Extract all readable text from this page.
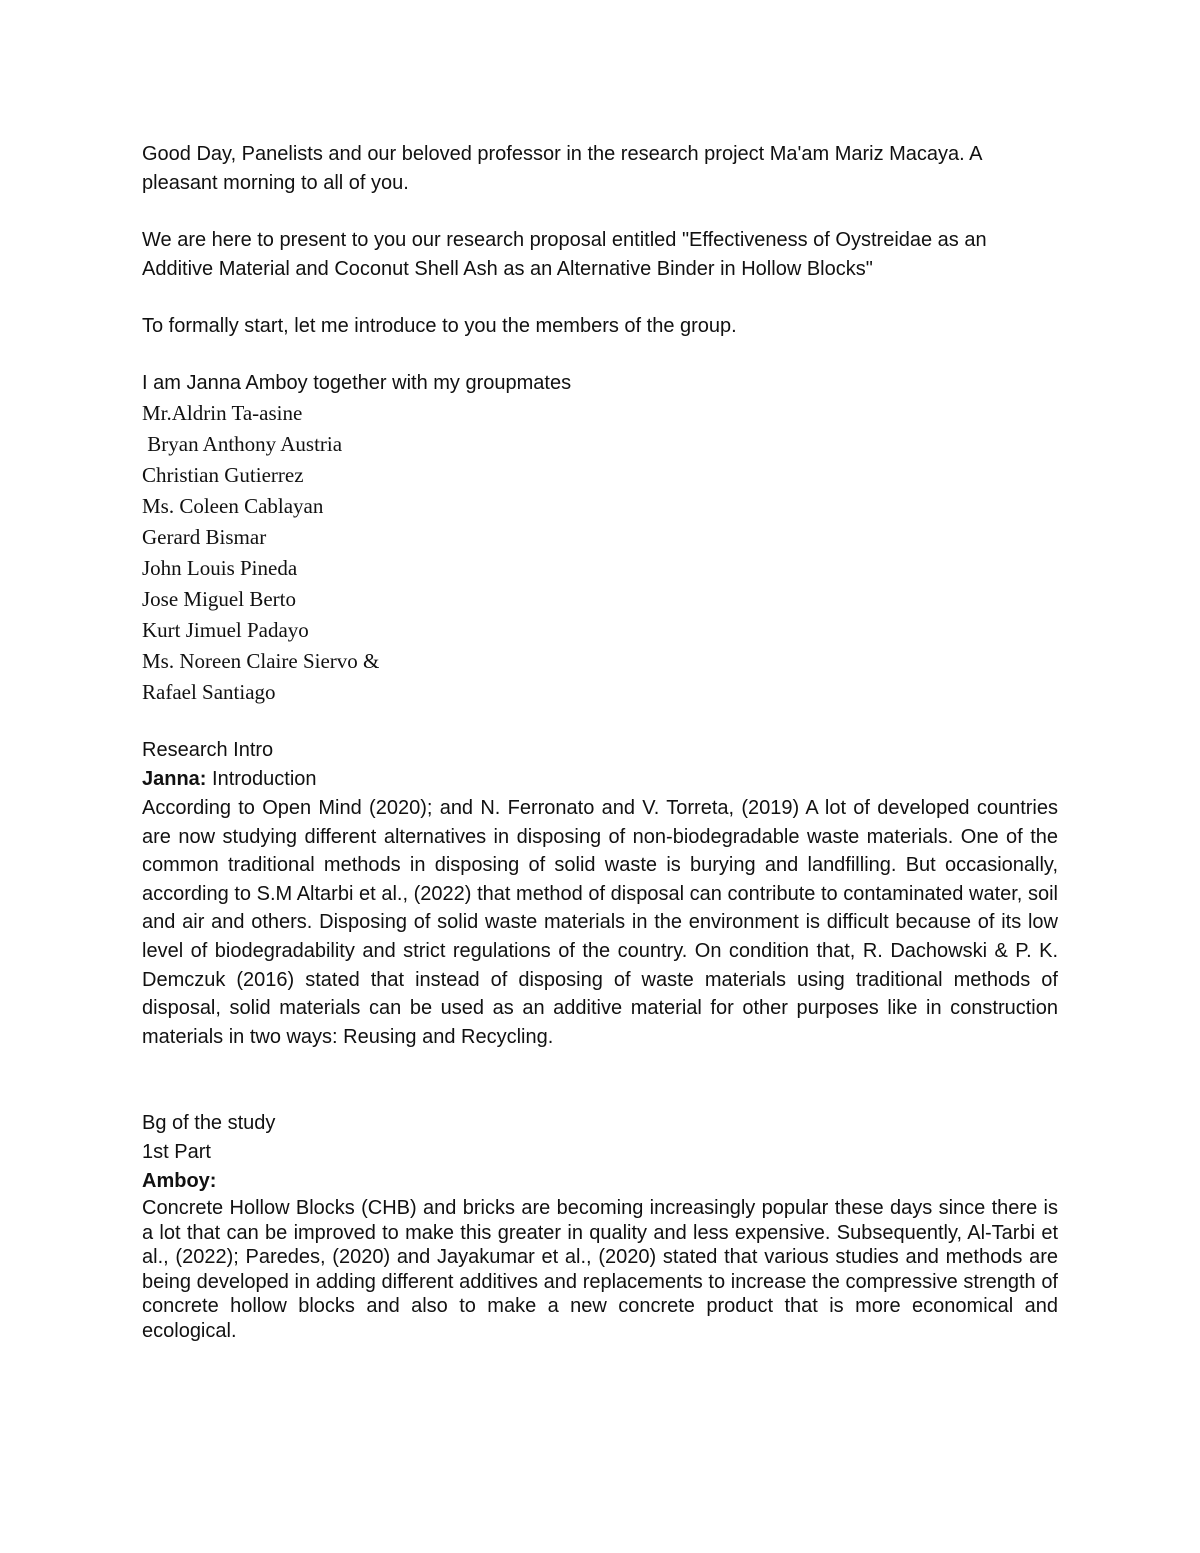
Good Day, Panelists and our beloved professor in the research project Ma'am Mariz Macaya. A pleasant morning to all of you.

We are here to present to you our research proposal entitled "Effectiveness of Oystreidae as an Additive Material and Coconut Shell Ash as an Alternative Binder in Hollow Blocks"

To formally start, let me introduce to you the members of the group.

I am Janna Amboy together with my groupmates

Mr.Aldrin Ta-asine

Bryan Anthony Austria

Christian Gutierrez

Ms. Coleen Cablayan

Gerard Bismar

John Louis Pineda

Jose Miguel Berto

Kurt Jimuel Padayo

Ms. Noreen Claire Siervo &

Rafael Santiago

Research Intro

Janna: Introduction

According to Open Mind (2020); and N. Ferronato and V. Torreta, (2019) A lot of developed countries are now studying different alternatives in disposing of non-biodegradable waste materials. One of the common traditional methods in disposing of solid waste is burying and landfilling. But occasionally, according to S.M Altarbi et al., (2022) that method of disposal can contribute to contaminated water, soil and air and others. Disposing of solid waste materials in the environment is difficult because of its low level of biodegradability and strict regulations of the country. On condition that, R. Dachowski & P. K. Demczuk (2016) stated that instead of disposing of waste materials using traditional methods of disposal, solid materials can be used as an additive material for other purposes like in construction materials in two ways: Reusing and Recycling.

Bg of the study

1st Part

Amboy:

Concrete Hollow Blocks (CHB) and bricks are becoming increasingly popular these days since there is a lot that can be improved to make this greater in quality and less expensive. Subsequently, Al-Tarbi et al., (2022); Paredes, (2020) and Jayakumar et al., (2020) stated that various studies and methods are being developed in adding different additives and replacements to increase the compressive strength of concrete hollow blocks and also to make a new concrete product that is more economical and ecological.
